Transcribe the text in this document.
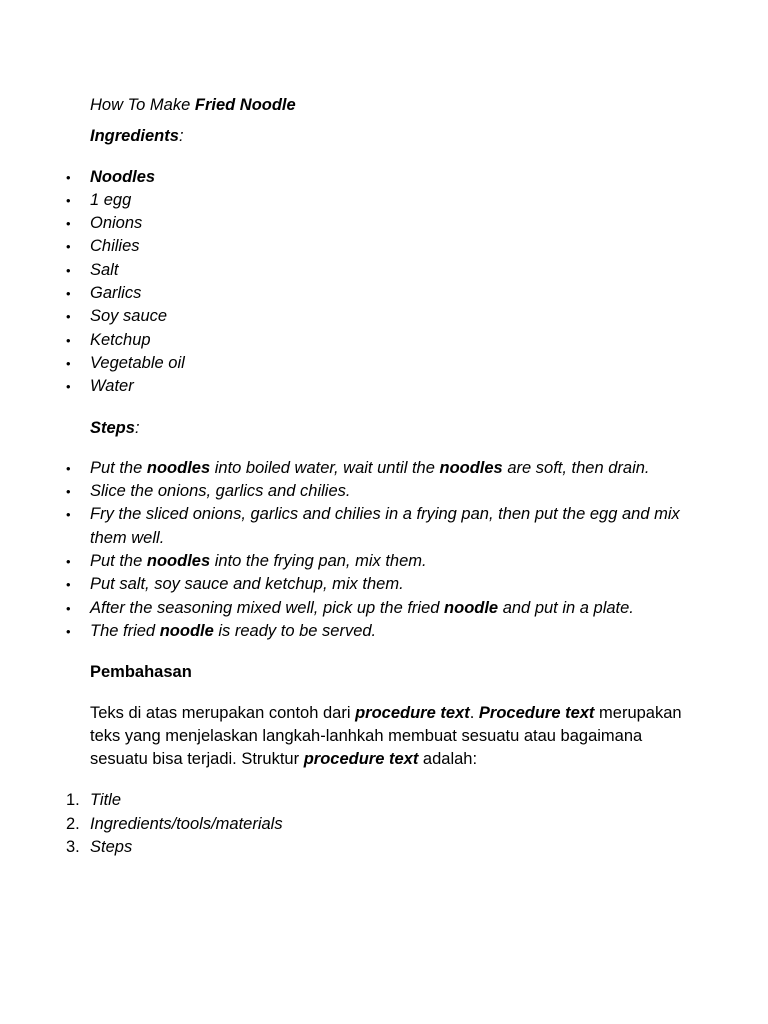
How To Make Fried Noodle

Ingredients:

• Noodles
• 1 egg
• Onions
• Chilies
• Salt
• Garlics
• Soy sauce
• Ketchup
• Vegetable oil
• Water

Steps:

• Put the noodles into boiled water, wait until the noodles are soft, then drain.
• Slice the onions, garlics and chilies.
• Fry the sliced onions, garlics and chilies in a frying pan, then put the egg and mix them well.
• Put the noodles into the frying pan, mix them.
• Put salt, soy sauce and ketchup, mix them.
• After the seasoning mixed well, pick up the fried noodle and put in a plate.
• The fried noodle is ready to be served.

Pembahasan

Teks di atas merupakan contoh dari procedure text. Procedure text merupakan teks yang menjelaskan langkah-lanhkah membuat sesuatu atau bagaimana sesuatu bisa terjadi. Struktur procedure text adalah:

1. Title
2. Ingredients/tools/materials
3. Steps
